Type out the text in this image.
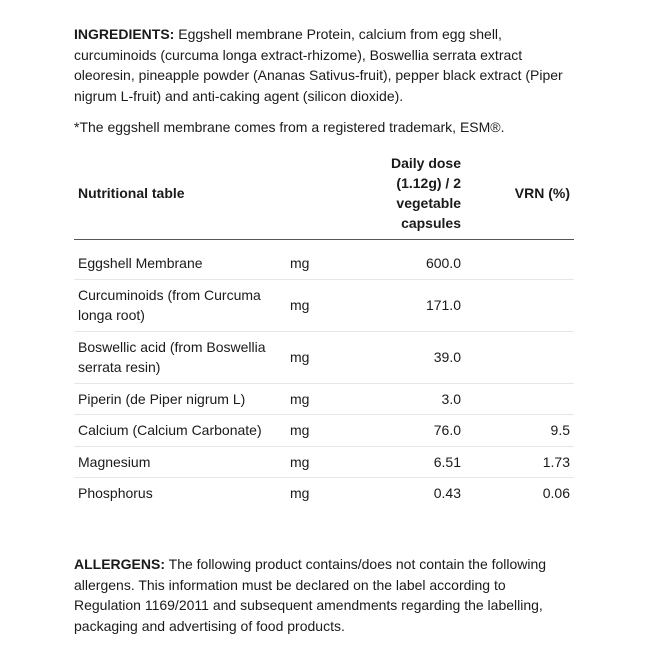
INGREDIENTS: Eggshell membrane Protein, calcium from egg shell, curcuminoids (curcuma longa extract-rhizome), Boswellia serrata extract oleoresin, pineapple powder (Ananas Sativus-fruit), pepper black extract (Piper nigrum L-fruit) and anti-caking agent (silicon dioxide).

*The eggshell membrane comes from a registered trademark, ESM®.
Nutritional table		Daily dose (1.12g) / 2 vegetable capsules	VRN (%)
Eggshell Membrane	mg	600.0	
Curcuminoids (from Curcuma longa root)	mg	171.0	
Boswellic acid (from Boswellia serrata resin)	mg	39.0	
Piperin (de Piper nigrum L)	mg	3.0	
Calcium (Calcium Carbonate)	mg	76.0	9.5
Magnesium	mg	6.51	1.73
Phosphorus	mg	0.43	0.06

ALLERGENS: The following product contains/does not contain the following allergens. This information must be declared on the label according to Regulation 1169/2011 and subsequent amendments regarding the labelling, packaging and advertising of food products.
